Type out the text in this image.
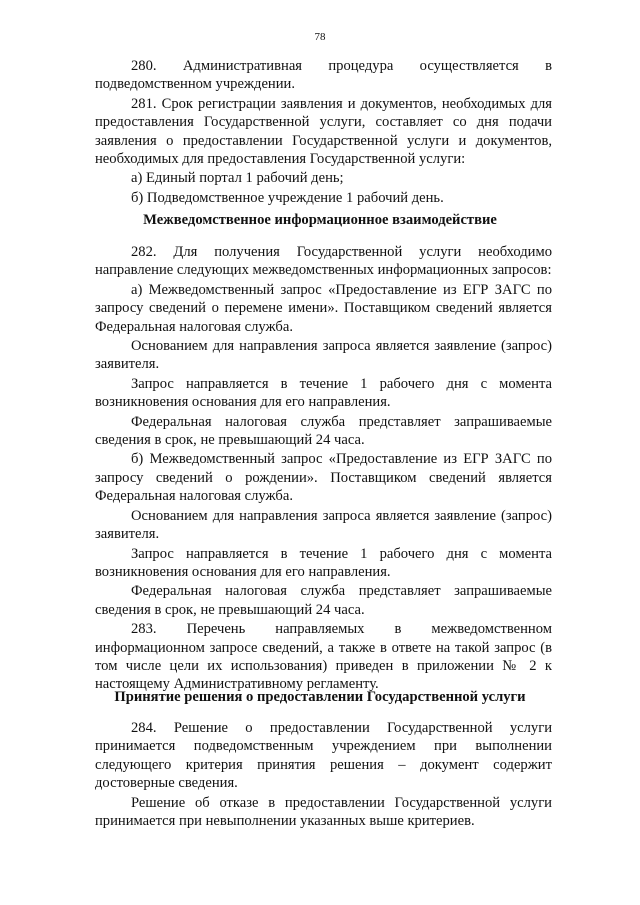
78

280. Административная процедура осуществляется в подведомственном учреждении.

281. Срок регистрации заявления и документов, необходимых для предоставления Государственной услуги, составляет со дня подачи заявления о предоставлении Государственной услуги и документов, необходимых для предоставления Государственной услуги:

а) Единый портал 1 рабочий день;

б) Подведомственное учреждение 1 рабочий день.

Межведомственное информационное взаимодействие

282. Для получения Государственной услуги необходимо направление следующих межведомственных информационных запросов:

а) Межведомственный запрос «Предоставление из ЕГР ЗАГС по запросу сведений о перемене имени». Поставщиком сведений является Федеральная налоговая служба.

Основанием для направления запроса является заявление (запрос) заявителя.

Запрос направляется в течение 1 рабочего дня с момента возникновения основания для его направления.

Федеральная налоговая служба представляет запрашиваемые сведения в срок, не превышающий 24 часа.

б) Межведомственный запрос «Предоставление из ЕГР ЗАГС по запросу сведений о рождении». Поставщиком сведений является Федеральная налоговая служба.

Основанием для направления запроса является заявление (запрос) заявителя.

Запрос направляется в течение 1 рабочего дня с момента возникновения основания для его направления.

Федеральная налоговая служба представляет запрашиваемые сведения в срок, не превышающий 24 часа.

283. Перечень направляемых в межведомственном информационном запросе сведений, а также в ответе на такой запрос (в том числе цели их использования) приведен в приложении № 2 к настоящему Административному регламенту.

Принятие решения о предоставлении Государственной услуги

284. Решение о предоставлении Государственной услуги принимается подведомственным учреждением при выполнении следующего критерия принятия решения – документ содержит достоверные сведения.

Решение об отказе в предоставлении Государственной услуги принимается при невыполнении указанных выше критериев.
